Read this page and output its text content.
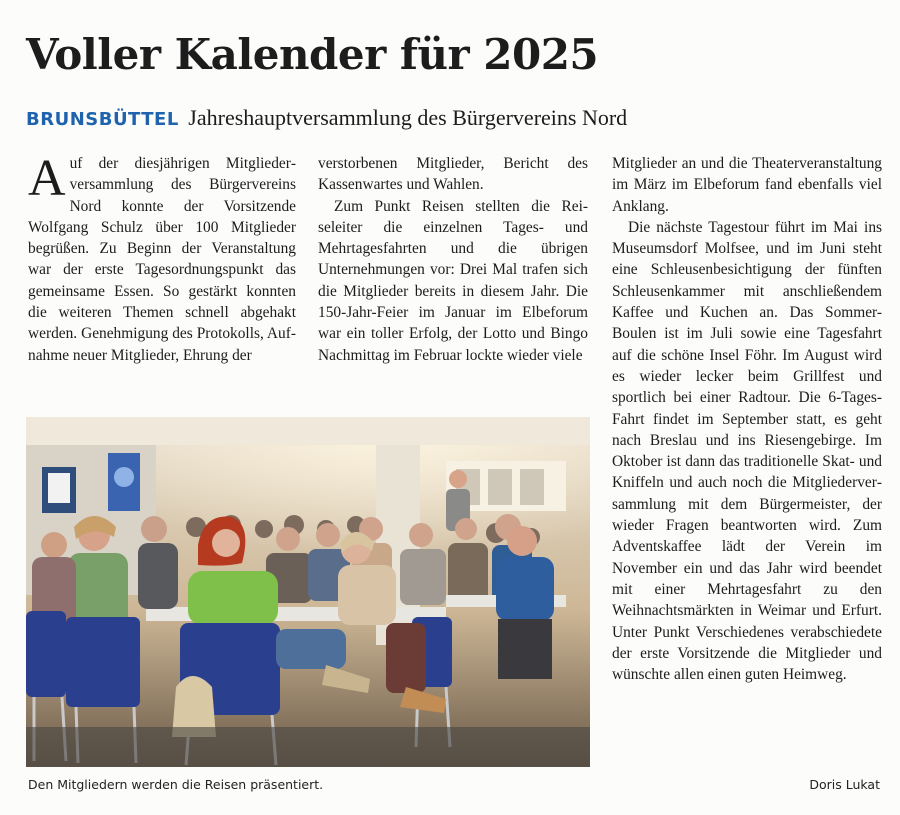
Voller Kalender für 2025
BRUNSBÜTTEL Jahreshauptversammlung des Bürgervereins Nord

Auf der diesjährigen Mitgliederversammlung des Bürgervereins Nord konnte der Vorsitzende Wolfgang Schulz über 100 Mitglieder begrüßen. Zu Beginn der Veranstaltung war der erste Tagesordnungspunkt das gemeinsame Essen. So gestärkt konnten die weiteren Themen schnell abgehakt werden. Genehmigung des Protokolls, Aufnahme neuer Mitglieder, Ehrung der

verstorbenen Mitglieder, Bericht des Kassenwartes und Wahlen.

Zum Punkt Reisen stellten die Reiseleiter die einzelnen Tages- und Mehrtagesfahrten und die übrigen Unternehmungen vor: Drei Mal trafen sich die Mitglieder bereits in diesem Jahr. Die 150-Jahr-Feier im Januar im Elbeforum war ein toller Erfolg, der Lotto und Bingo Nachmittag im Februar lockte wieder viele

Mitglieder an und die Theaterveranstaltung im März im Elbeforum fand ebenfalls viel Anklang.

Die nächste Tagestour führt im Mai ins Museumsdorf Molfsee, und im Juni steht eine Schleusenbesichtigung der fünften Schleusenkammer mit anschließendem Kaffee und Kuchen an. Das Sommer-Boulen ist im Juli sowie eine Tagesfahrt auf die schöne Insel Föhr. Im August wird es wieder lecker beim Grillfest und sportlich bei einer Radtour. Die 6-Tages-Fahrt findet im September statt, es geht nach Breslau und ins Riesengebirge. Im Oktober ist dann das traditionelle Skat- und Kniffeln und auch noch die Mitgliederversammlung mit dem Bürgermeister, der wieder Fragen beantworten wird. Zum Adventskaffee lädt der Verein im November ein und das Jahr wird beendet mit einer Mehrtagesfahrt zu den Weihnachtsmärkten in Weimar und Erfurt. Unter Punkt Verschiedenes verabschiedete der erste Vorsitzende die Mitglieder und wünschte allen einen guten Heimweg.

Den Mitgliedern werden die Reisen präsentiert.	Doris Lukat
